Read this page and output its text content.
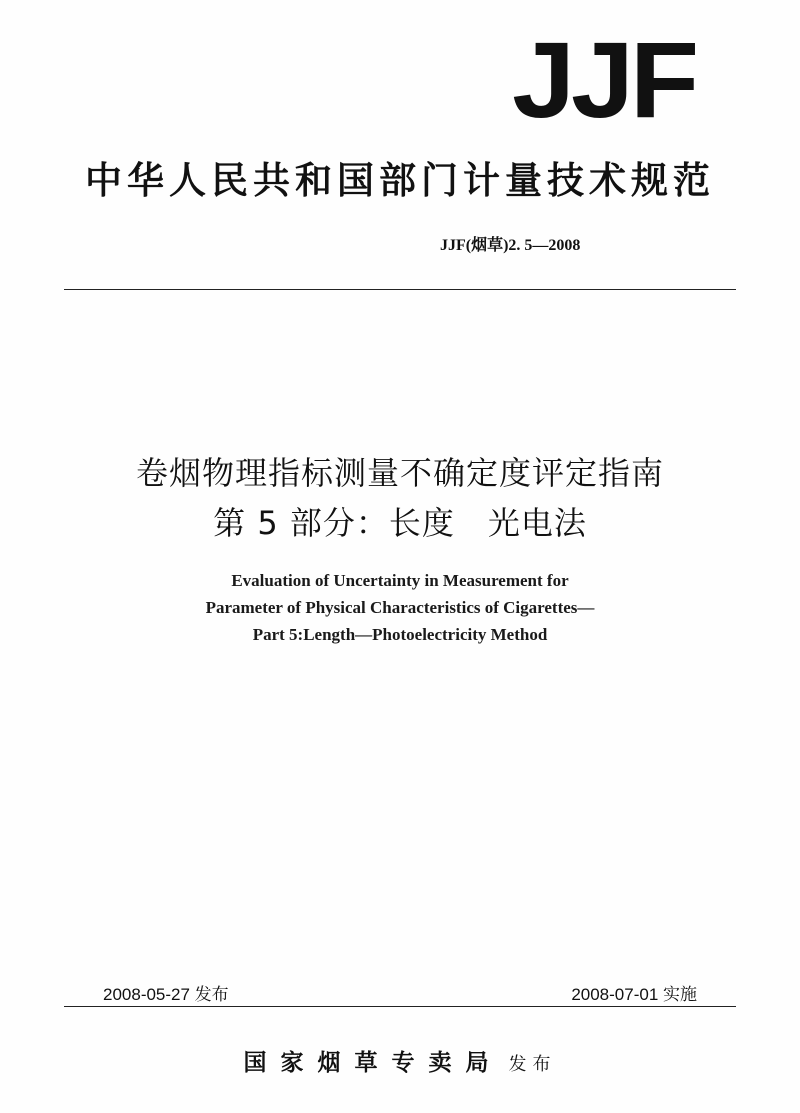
JJF
中华人民共和国部门计量技术规范
JJF(烟草)2. 5—2008
卷烟物理指标测量不确定度评定指南
第 5 部分：长度　光电法
Evaluation of Uncertainty in Measurement for
Parameter of Physical Characteristics of Cigarettes—
Part 5:Length—Photoelectricity Method
2008-05-27 发布	2008-07-01 实施
国家烟草专卖局 发布
